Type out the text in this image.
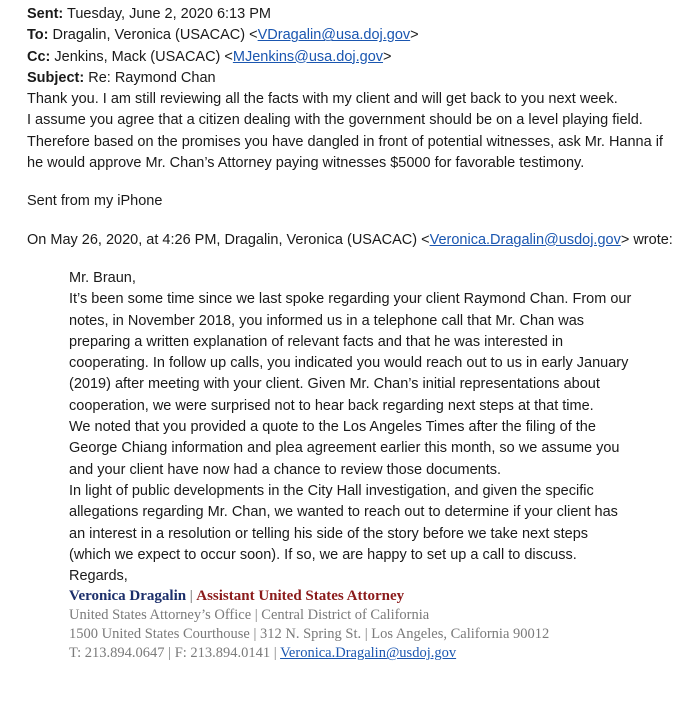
Sent: Tuesday, June 2, 2020 6:13 PM
To: Dragalin, Veronica (USACAC) <VDragalin@usa.doj.gov>
Cc: Jenkins, Mack (USACAC) <MJenkins@usa.doj.gov>
Subject: Re: Raymond Chan
Thank you. I am still reviewing all the facts with my client and will get back to you next week.
I assume you agree that a citizen dealing with the government should be on a level playing field.
Therefore based on the promises you have dangled in front of potential witnesses, ask Mr. Hanna if
he would approve Mr. Chan’s Attorney paying witnesses $5000 for favorable testimony.
Sent from my iPhone
On May 26, 2020, at 4:26 PM, Dragalin, Veronica (USACAC) <Veronica.Dragalin@usdoj.gov> wrote:
Mr. Braun,
It’s been some time since we last spoke regarding your client Raymond Chan. From our
notes, in November 2018, you informed us in a telephone call that Mr. Chan was
preparing a written explanation of relevant facts and that he was interested in
cooperating. In follow up calls, you indicated you would reach out to us in early January
(2019) after meeting with your client. Given Mr. Chan’s initial representations about
cooperation, we were surprised not to hear back regarding next steps at that time.
We noted that you provided a quote to the Los Angeles Times after the filing of the
George Chiang information and plea agreement earlier this month, so we assume you
and your client have now had a chance to review those documents.
In light of public developments in the City Hall investigation, and given the specific
allegations regarding Mr. Chan, we wanted to reach out to determine if your client has
an interest in a resolution or telling his side of the story before we take next steps
(which we expect to occur soon). If so, we are happy to set up a call to discuss.
Regards,
Veronica Dragalin | Assistant United States Attorney
United States Attorney’s Office | Central District of California
1500 United States Courthouse | 312 N. Spring St. | Los Angeles, California 90012
T: 213.894.0647 | F: 213.894.0141 | Veronica.Dragalin@usdoj.gov
